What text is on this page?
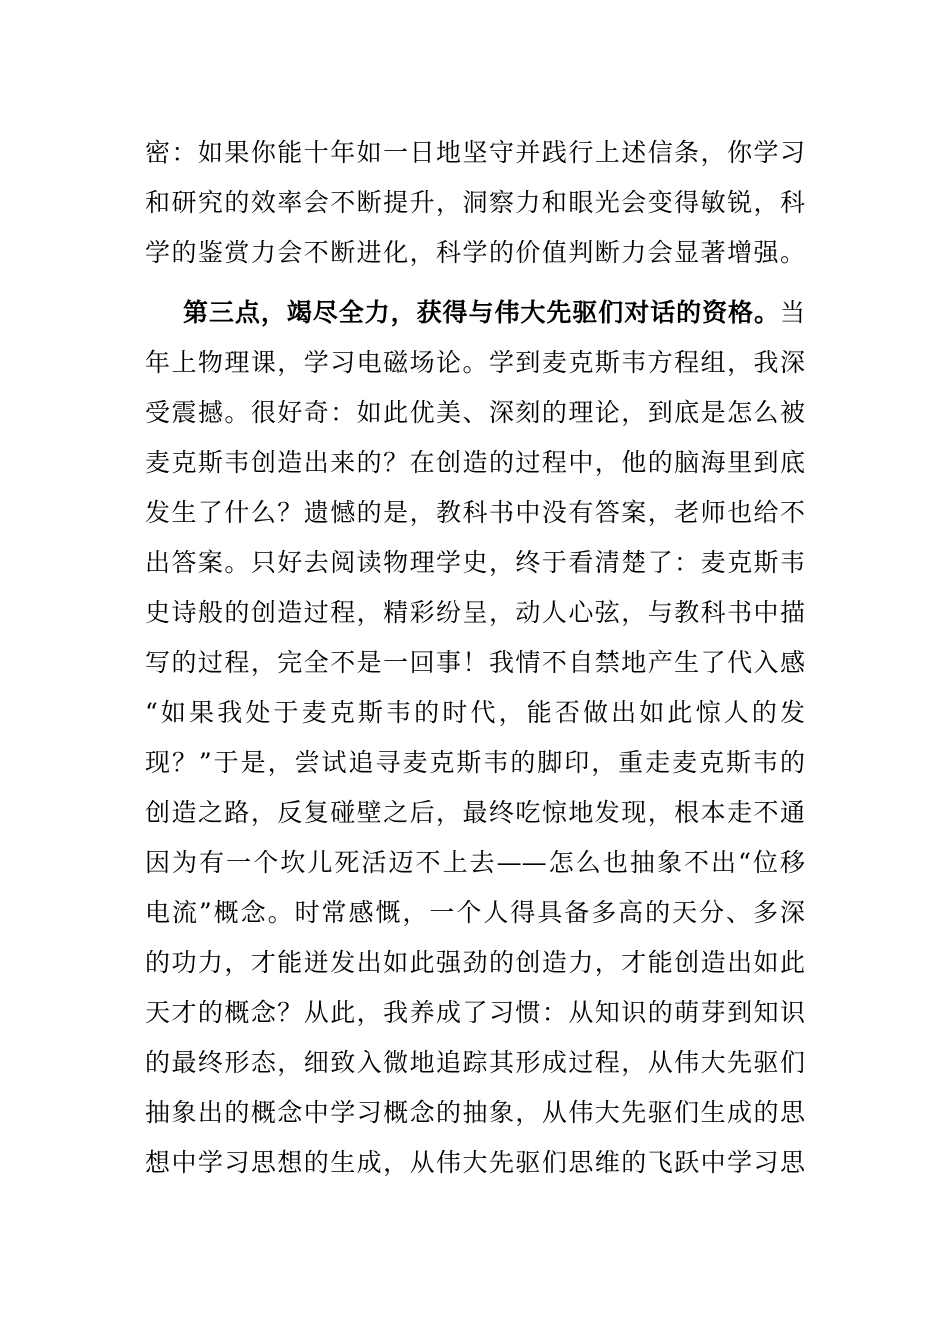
密：如果你能十年如一日地坚守并践行上述信条，你学习
和研究的效率会不断提升，洞察力和眼光会变得敏锐，科
学的鉴赏力会不断进化，科学的价值判断力会显著增强。
第三点，竭尽全力，获得与伟大先驱们对话的资格。当
年上物理课，学习电磁场论。学到麦克斯韦方程组，我深
受震撼。很好奇：如此优美、深刻的理论，到底是怎么被
麦克斯韦创造出来的？在创造的过程中，他的脑海里到底
发生了什么？遗憾的是，教科书中没有答案，老师也给不
出答案。只好去阅读物理学史，终于看清楚了：麦克斯韦
史诗般的创造过程，精彩纷呈，动人心弦，与教科书中描
写的过程，完全不是一回事！我情不自禁地产生了代入感
“如果我处于麦克斯韦的时代，能否做出如此惊人的发
现？”于是，尝试追寻麦克斯韦的脚印，重走麦克斯韦的
创造之路，反复碰壁之后，最终吃惊地发现，根本走不通
因为有一个坎儿死活迈不上去——怎么也抽象不出“位移
电流”概念。时常感慨，一个人得具备多高的天分、多深
的功力，才能迸发出如此强劲的创造力，才能创造出如此
天才的概念？从此，我养成了习惯：从知识的萌芽到知识
的最终形态，细致入微地追踪其形成过程，从伟大先驱们
抽象出的概念中学习概念的抽象，从伟大先驱们生成的思
想中学习思想的生成，从伟大先驱们思维的飞跃中学习思
